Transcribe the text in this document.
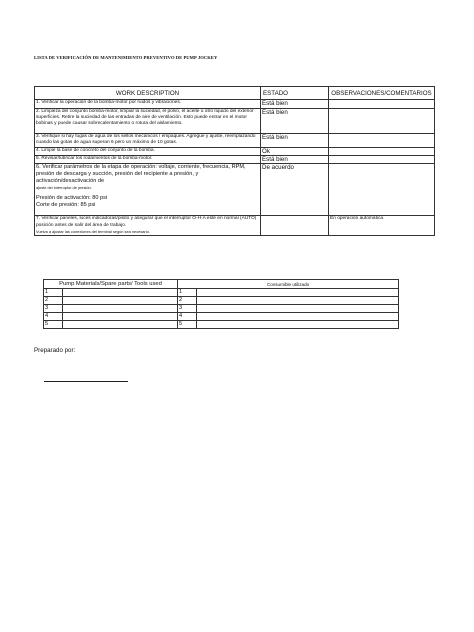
LISTA DE VERIFICACIÓN DE MANTENIMIENTO PREVENTIVO DE PUMP JOCKEY
WORK DESCRIPTION	ESTADO	OBSERVACIONES/COMENTARIOS
1. Verificar la operación de la bomba-motor por ruidos y vibraciones.	Está bien	
2. Limpieza del conjunto bomba-motor, limpiar la suciedad, el polvo, el aceite u otro líquido del exterior superficies. Retire la suciedad de las entradas de aire de ventilación. Esto puede entrar en el motor bobinas y puede causar sobrecalentamiento o rotura del aislamiento.	Está bien	
3. Verifique si hay fugas de agua de los sellos mecánicos / empaques. Agregue y ajuste, reemplazando cuando las gotas de agua superan 6 pero un máximo de 10 gotas.	Está bien	
4. Limpie la base de concreto del conjunto de la bomba.	Ok	
5. Revisar/lubricar los rodamientos de la bomba-motor.	Está bien	

6. Verificar parámetros de la etapa de operación: voltaje, corriente, frecuencia, RPM,
presión de descarga y succión, presión del recipiente a presión, y activación/desactivación de
ajuste del interruptor de presión.
Presión de activación: 80 psi
Corte de presión: 85 psi	De acuerdo	
7. Verificar paneles, luces indicadoras/piloto y asegurar que el interruptor O-H-A esté en normal (AUTO) posición antes de salir del área de trabajo.
Vuelva a ajustar las conexiones del terminal según sea necesario.		En operación automática
Pump Materials/Spare parts/ Tools used		Consumible utilizado	
1		1	
2		2	
3		3	
4		4	
5		5	
Preparado por:
